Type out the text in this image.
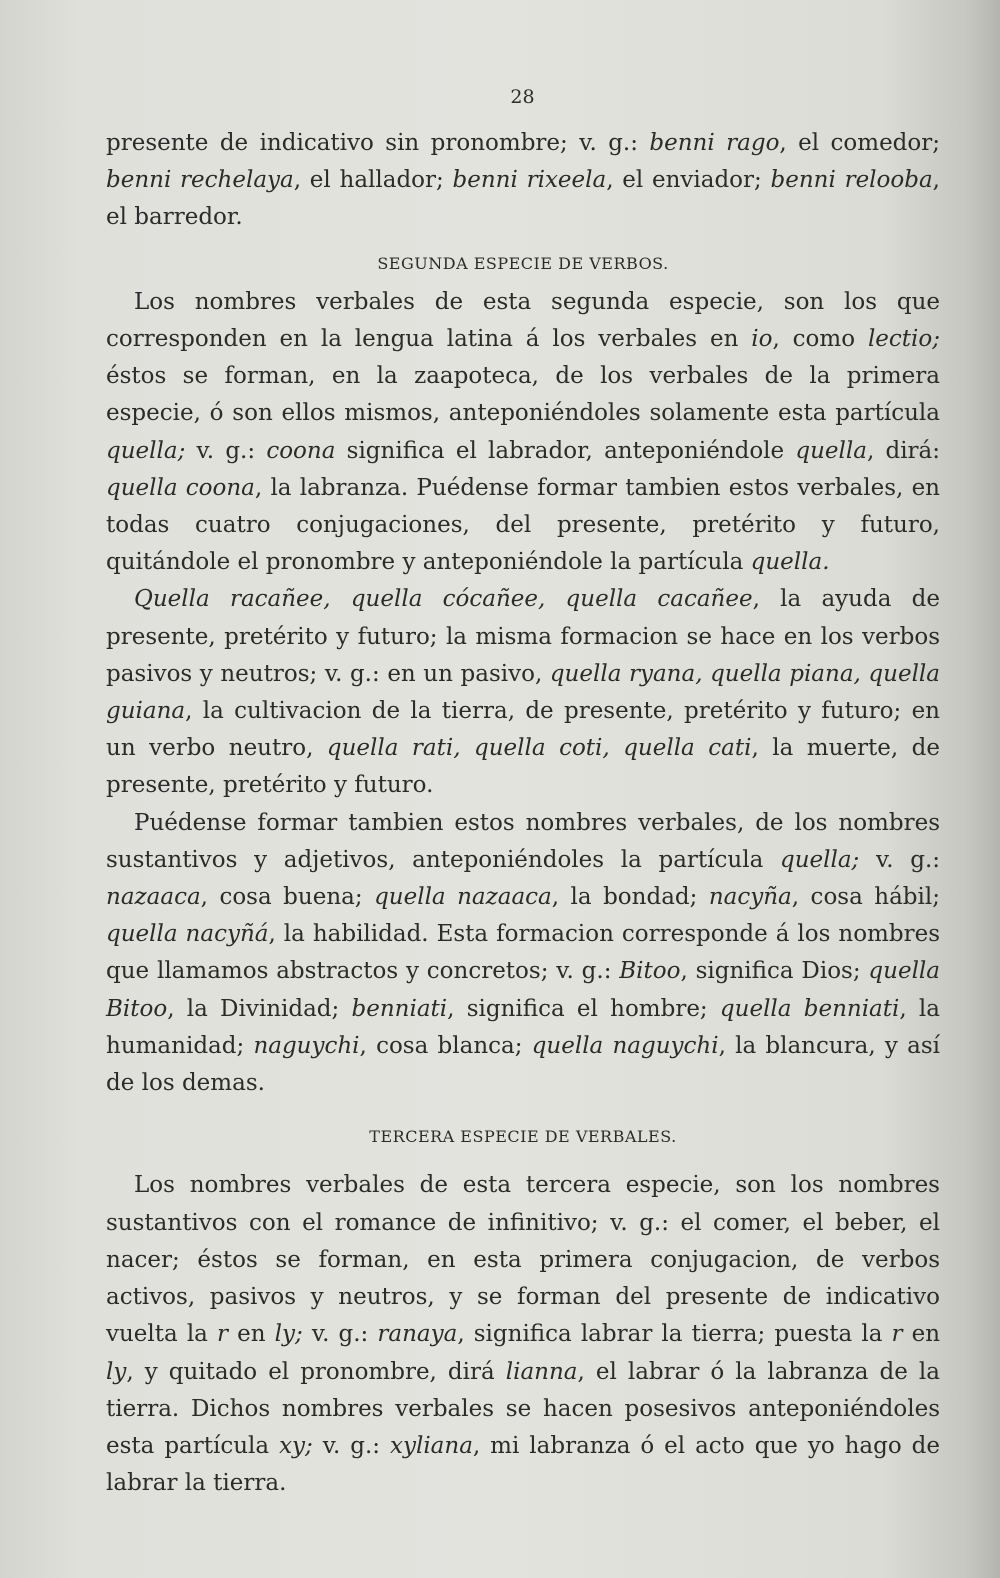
28

presente de indicativo sin pronombre; v. g.: benni rago, el comedor; benni rechelaya, el hallador; benni rixeela, el enviador; benni relooba, el barredor.

SEGUNDA ESPECIE DE VERBOS.

Los nombres verbales de esta segunda especie, son los que corresponden en la lengua latina á los verbales en io, como lectio; éstos se forman, en la zaapoteca, de los verbales de la primera especie, ó son ellos mismos, anteponiéndoles solamente esta partícula quella; v. g.: coona significa el labrador, anteponiéndole quella, dirá: quella coona, la labranza. Puédense formar tambien estos verbales, en todas cuatro conjugaciones, del presente, pretérito y futuro, quitándole el pronombre y anteponiéndole la partícula quella.

Quella racañee, quella cócañee, quella cacañee, la ayuda de presente, pretérito y futuro; la misma formacion se hace en los verbos pasivos y neutros; v. g.: en un pasivo, quella ryana, quella piana, quella guiana, la cultivacion de la tierra, de presente, pretérito y futuro; en un verbo neutro, quella rati, quella coti, quella cati, la muerte, de presente, pretérito y futuro.

Puédense formar tambien estos nombres verbales, de los nombres sustantivos y adjetivos, anteponiéndoles la partícula quella; v. g.: nazaaca, cosa buena; quella nazaaca, la bondad; nacyña, cosa hábil; quella nacyñá, la habilidad. Esta formacion corresponde á los nombres que llamamos abstractos y concretos; v. g.: Bitoo, significa Dios; quella Bitoo, la Divinidad; benniati, significa el hombre; quella benniati, la humanidad; naguychi, cosa blanca; quella naguychi, la blancura, y así de los demas.

TERCERA ESPECIE DE VERBALES.

Los nombres verbales de esta tercera especie, son los nombres sustantivos con el romance de infinitivo; v. g.: el comer, el beber, el nacer; éstos se forman, en esta primera conjugacion, de verbos activos, pasivos y neutros, y se forman del presente de indicativo vuelta la r en ly; v. g.: ranaya, significa labrar la tierra; puesta la r en ly, y quitado el pronombre, dirá lianna, el labrar ó la labranza de la tierra. Dichos nombres verbales se hacen posesivos anteponiéndoles esta partícula xy; v. g.: xyliana, mi labranza ó el acto que yo hago de labrar la tierra.
